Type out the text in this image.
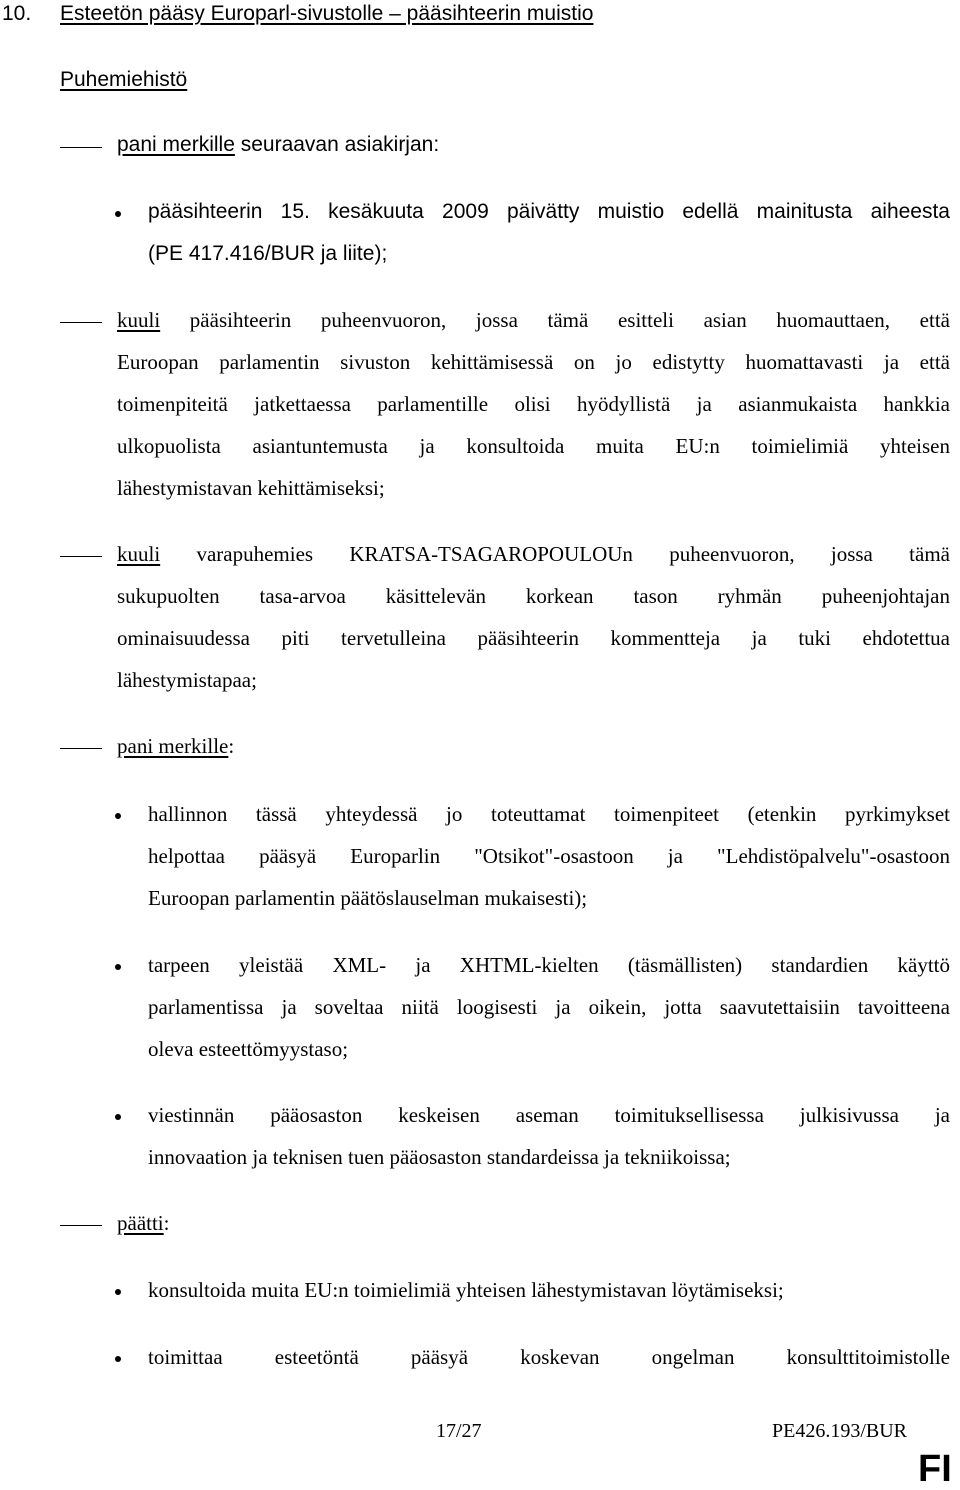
10. Esteetön pääsy Europarl-sivustolle – pääsihteerin muistio
Puhemiehistö
pani merkille seuraavan asiakirjan:
pääsihteerin 15. kesäkuuta 2009 päivätty muistio edellä mainitusta aiheesta
(PE 417.416/BUR ja liite);
kuuli pääsihteerin puheenvuoron, jossa tämä esitteli asian huomauttaen, että
Euroopan parlamentin sivuston kehittämisessä on jo edistytty huomattavasti ja että
toimenpiteitä jatkettaessa parlamentille olisi hyödyllistä ja asianmukaista hankkia
ulkopuolista asiantuntemusta ja konsultoida muita EU:n toimielimiä yhteisen
lähestymistavan kehittämiseksi;
kuuli varapuhemies KRATSA-TSAGAROPOULOUn puheenvuoron, jossa tämä
sukupuolten tasa-arvoa käsittelevän korkean tason ryhmän puheenjohtajan
ominaisuudessa piti tervetulleina pääsihteerin kommentteja ja tuki ehdotettua
lähestymistapaa;
pani merkille:
hallinnon tässä yhteydessä jo toteuttamat toimenpiteet (etenkin pyrkimykset
helpottaa pääsyä Europarlin "Otsikot"-osastoon ja "Lehdistöpalvelu"-osastoon
Euroopan parlamentin päätöslauselman mukaisesti);
tarpeen yleistää XML- ja XHTML-kielten (täsmällisten) standardien käyttö
parlamentissa ja soveltaa niitä loogisesti ja oikein, jotta saavutettaisiin tavoitteena
oleva esteettömyystaso;
viestinnän pääosaston keskeisen aseman toimituksellisessa julkisivussa ja
innovaation ja teknisen tuen pääosaston standardeissa ja tekniikoissa;
päätti:
konsultoida muita EU:n toimielimiä yhteisen lähestymistavan löytämiseksi;
toimittaa esteetöntä pääsyä koskevan ongelman konsulttitoimistolle
17/27	PE426.193/BUR
FI
